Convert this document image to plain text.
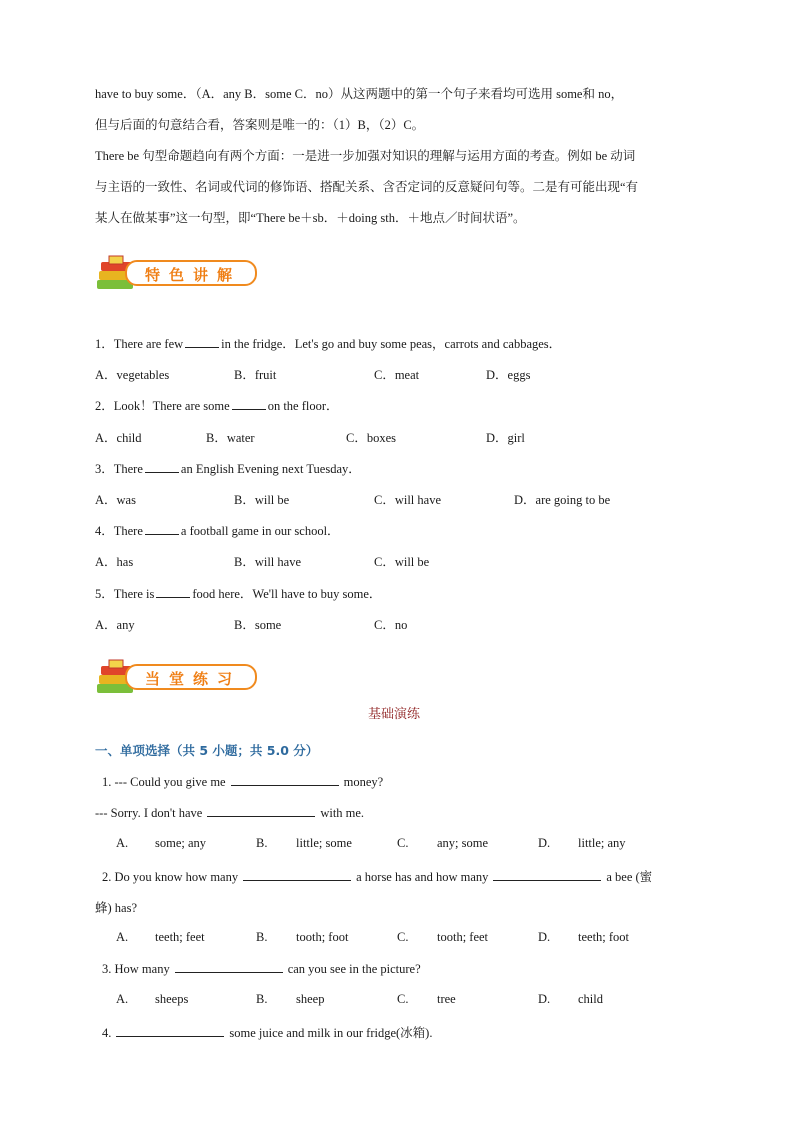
have to buy some．（A．any B．some C．no）从这两题中的第一个句子来看均可选用 some和 no，
但与后面的句意结合看，答案则是唯一的：（1）B，（2）C。
There be 句型命题趋向有两个方面：一是进一步加强对知识的理解与运用方面的考查。例如 be 动词
与主语的一致性、名词或代词的修饰语、搭配关系、含否定词的反意疑问句等。二是有可能出现“有
某人在做某事”这一句型，即“There be＋sb．＋doing sth．＋地点／时间状语”。
特色讲解
1．There are few	in the fridge．Let's go and buy some peas，carrots and cabbages．
A．vegetables	B．fruit	C．meat	D．eggs
2．Look！There are some	on the floor．
A．child	B．water	C．boxes	D．girl
3．There	an English Evening next Tuesday．
A．was	B．will be	C．will have	D．are going to be
4．There	a football game in our school．
A．has	B．will have	C．will be
5．There is	food here．We'll have to buy some．
A．any	B．some	C．no
当堂练习
基础演练
一、单项选择（共 5 小题；共 5.0 分）
1. --- Could you give me	money?
--- Sorry. I don't have	with me.
A. some; any	B. little; some	C. any; some	D. little; any
2. Do you know how many	a horse has and how many	a bee (蜜
蜂) has?
A. teeth; feet	B. tooth; foot	C. tooth; feet	D. teeth; foot
3. How many	can you see in the picture?
A. sheeps	B. sheep	C. tree	D. child
4.	some juice and milk in our fridge(冰箱).
